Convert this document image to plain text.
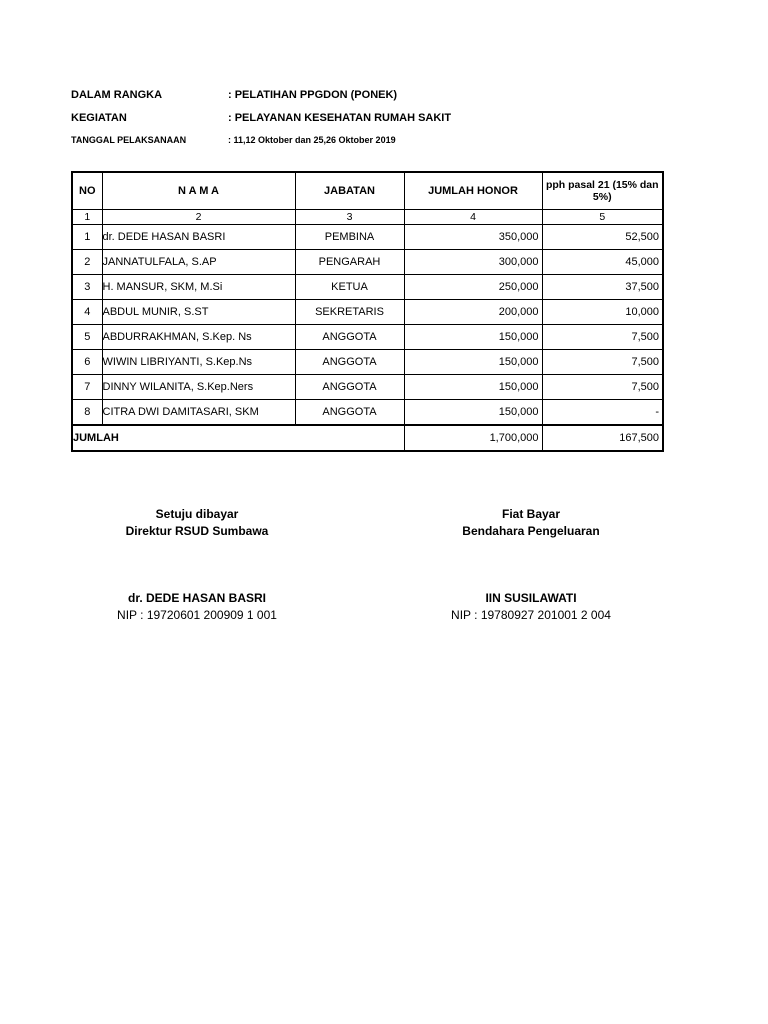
DALAM RANGKA	: PELATIHAN PPGDON (PONEK)
KEGIATAN	: PELAYANAN KESEHATAN RUMAH SAKIT
TANGGAL PELAKSANAAN	: 11,12 Oktober dan 25,26 Oktober 2019
NO	N A M A	JABATAN	JUMLAH HONOR	pph pasal 21 (15% dan 5%)
1	2	3	4	5
1	dr. DEDE HASAN BASRI	PEMBINA	350,000	52,500
2	JANNATULFALA, S.AP	PENGARAH	300,000	45,000
3	H. MANSUR, SKM, M.Si	KETUA	250,000	37,500
4	ABDUL MUNIR, S.ST	SEKRETARIS	200,000	10,000
5	ABDURRAKHMAN, S.Kep. Ns	ANGGOTA	150,000	7,500
6	WIWIN LIBRIYANTI, S.Kep.Ns	ANGGOTA	150,000	7,500
7	DINNY WILANITA, S.Kep.Ners	ANGGOTA	150,000	7,500
8	CITRA DWI DAMITASARI, SKM	ANGGOTA	150,000	-
JUMLAH			1,700,000	167,500
Setuju dibayar
Direktur RSUD Sumbawa
dr. DEDE HASAN BASRI
NIP : 19720601 200909 1 001
Fiat Bayar
Bendahara Pengeluaran
IIN SUSILAWATI
NIP : 19780927 201001 2 004
